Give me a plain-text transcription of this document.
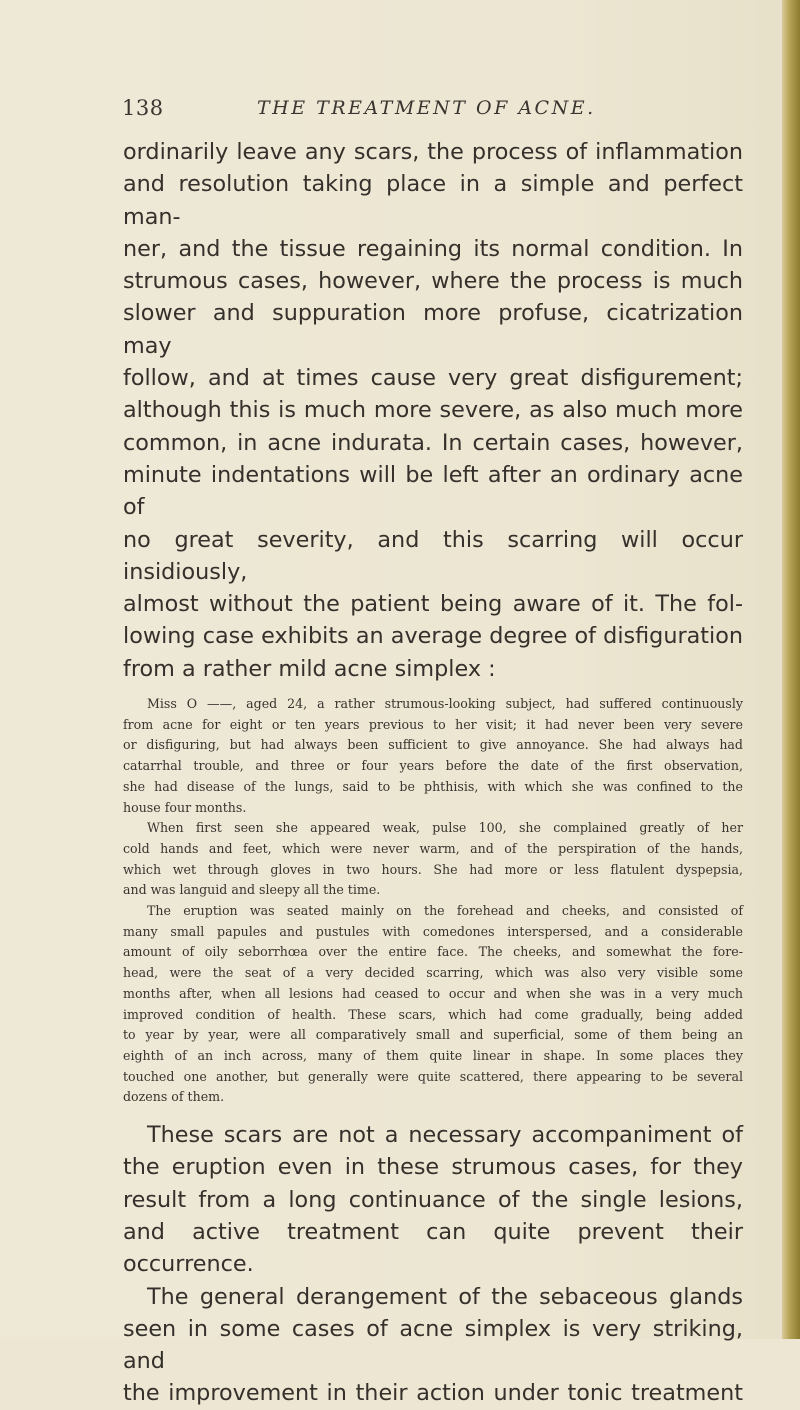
138	THE TREATMENT OF ACNE.

ordinarily leave any scars, the process of inflammation

and resolution taking place in a simple and perfect man-

ner, and the tissue regaining its normal condition. In

strumous cases, however, where the process is much

slower and suppuration more profuse, cicatrization may

follow, and at times cause very great disfigurement;

although this is much more severe, as also much more

common, in acne indurata. In certain cases, however,

minute indentations will be left after an ordinary acne of

no great severity, and this scarring will occur insidiously,

almost without the patient being aware of it. The fol-

lowing case exhibits an average degree of disfiguration

from a rather mild acne simplex :

Miss O ——, aged 24, a rather strumous-looking subject, had suffered continuously

from acne for eight or ten years previous to her visit; it had never been very severe

or disfiguring, but had always been sufficient to give annoyance. She had always had

catarrhal trouble, and three or four years before the date of the first observation,

she had disease of the lungs, said to be phthisis, with which she was confined to the

house four months.

When first seen she appeared weak, pulse 100, she complained greatly of her

cold hands and feet, which were never warm, and of the perspiration of the hands,

which wet through gloves in two hours. She had more or less flatulent dyspepsia,

and was languid and sleepy all the time.

The eruption was seated mainly on the forehead and cheeks, and consisted of

many small papules and pustules with comedones interspersed, and a considerable

amount of oily seborrhœa over the entire face. The cheeks, and somewhat the fore-

head, were the seat of a very decided scarring, which was also very visible some

months after, when all lesions had ceased to occur and when she was in a very much

improved condition of health. These scars, which had come gradually, being added

to year by year, were all comparatively small and superficial, some of them being an

eighth of an inch across, many of them quite linear in shape. In some places they

touched one another, but generally were quite scattered, there appearing to be several

dozens of them.

These scars are not a necessary accompaniment of

the eruption even in these strumous cases, for they

result from a long continuance of the single lesions,

and active treatment can quite prevent their occurrence.

The general derangement of the sebaceous glands

seen in some cases of acne simplex is very striking, and

the improvement in their action under tonic treatment
